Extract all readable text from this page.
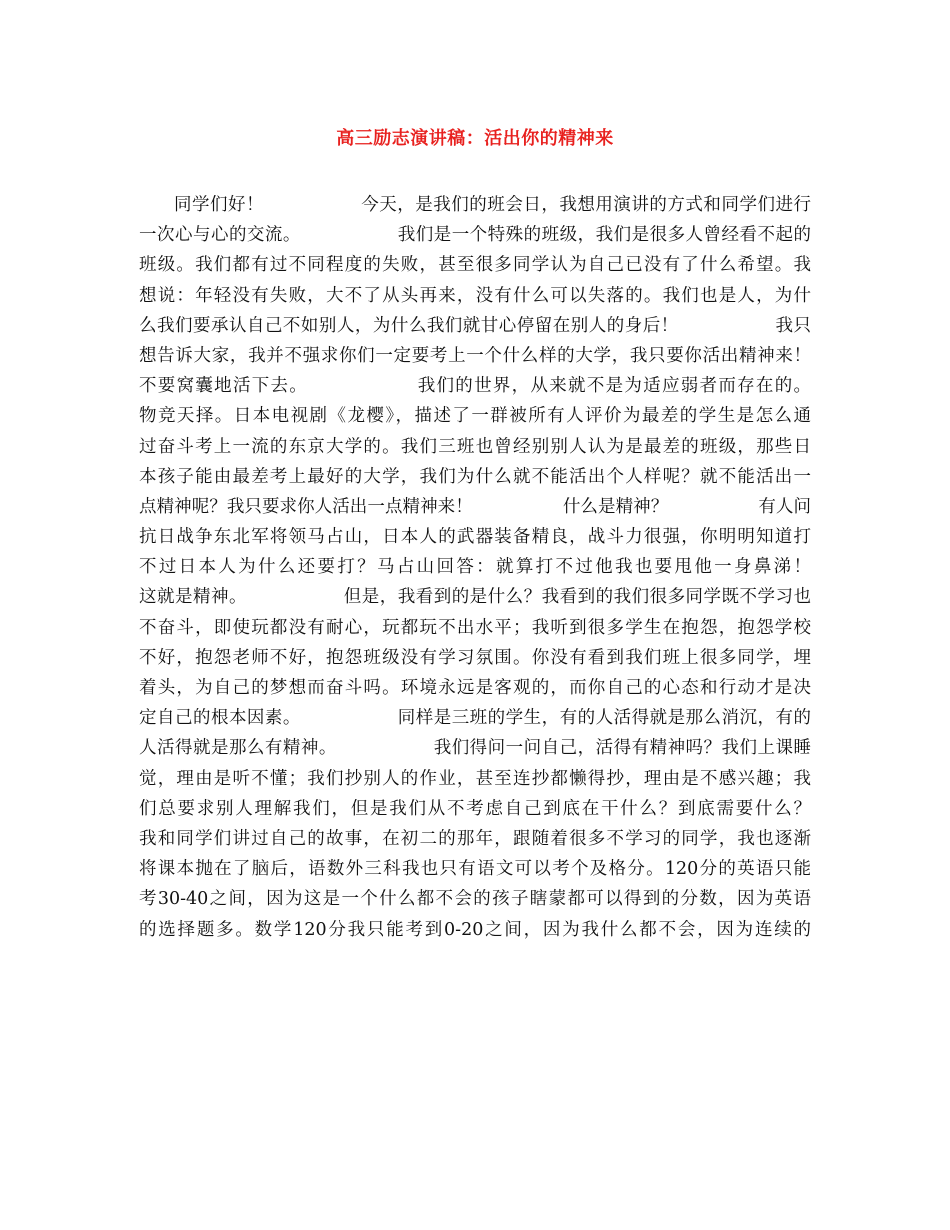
高三励志演讲稿：活出你的精神来
同学们好！                今天，是我们的班会日，我想用演讲的方式和同学们进行
一次心与心的交流。                我们是一个特殊的班级，我们是很多人曾经看不起的
班级。我们都有过不同程度的失败，甚至很多同学认为自己已没有了什么希望。我
想说：年轻没有失败，大不了从头再来，没有什么可以失落的。我们也是人，为什
么我们要承认自己不如别人，为什么我们就甘心停留在别人的身后！                我只
想告诉大家，我并不强求你们一定要考上一个什么样的大学，我只要你活出精神来！
不要窝囊地活下去。                我们的世界，从来就不是为适应弱者而存在的。
物竞天择。日本电视剧《龙樱》，描述了一群被所有人评价为最差的学生是怎么通
过奋斗考上一流的东京大学的。我们三班也曾经别别人认为是最差的班级，那些日
本孩子能由最差考上最好的大学，我们为什么就不能活出个人样呢？就不能活出一
点精神呢？我只要求你人活出一点精神来！                什么是精神？                有人问
抗日战争东北军将领马占山，日本人的武器装备精良，战斗力很强，你明明知道打
不过日本人为什么还要打？马占山回答：就算打不过他我也要甩他一身鼻涕！
这就是精神。                但是，我看到的是什么？我看到的我们很多同学既不学习也
不奋斗，即使玩都没有耐心，玩都玩不出水平；我听到很多学生在抱怨，抱怨学校
不好，抱怨老师不好，抱怨班级没有学习氛围。你没有看到我们班上很多同学，埋
着头，为自己的梦想而奋斗吗。环境永远是客观的，而你自己的心态和行动才是决
定自己的根本因素。                同样是三班的学生，有的人活得就是那么消沉，有的
人活得就是那么有精神。                我们得问一问自己，活得有精神吗？我们上课睡
觉，理由是听不懂；我们抄别人的作业，甚至连抄都懒得抄，理由是不感兴趣；我
们总要求别人理解我们，但是我们从不考虑自己到底在干什么？到底需要什么？
我和同学们讲过自己的故事，在初二的那年，跟随着很多不学习的同学，我也逐渐
将课本抛在了脑后，语数外三科我也只有语文可以考个及格分。120分的英语只能
考30-40之间，因为这是一个什么都不会的孩子瞎蒙都可以得到的分数，因为英语
的选择题多。数学120分我只能考到0-20之间，因为我什么都不会，因为连续的
